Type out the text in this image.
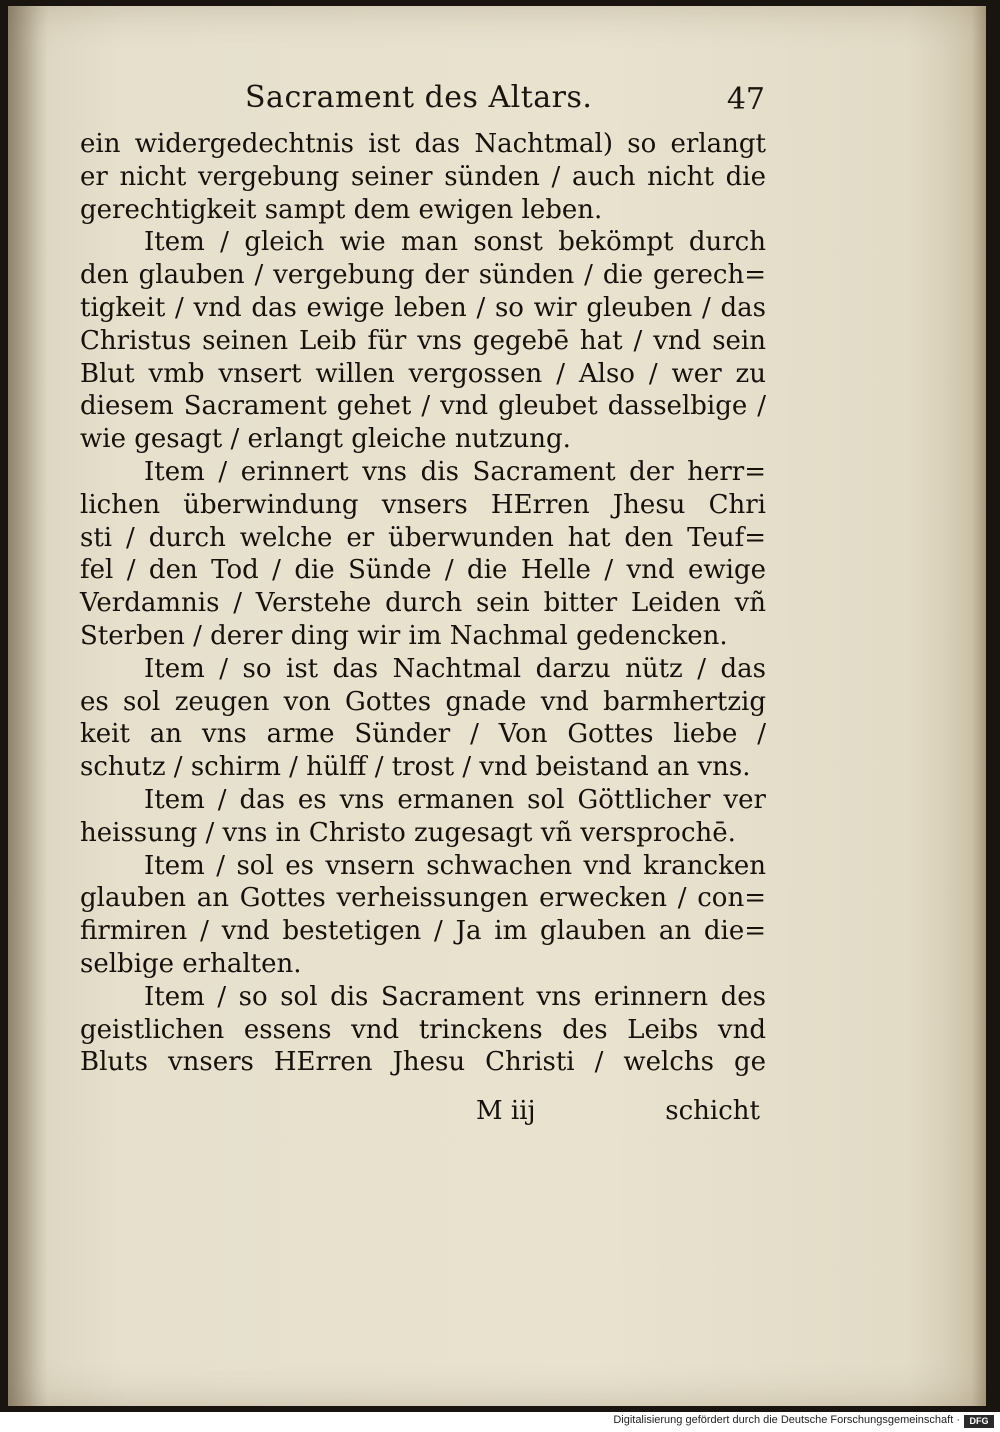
Sacrament des Altars.	47
ein widergedechtnis ist das Nachtmal) so erlangt
er nicht vergebung seiner sünden / auch nicht die
gerechtigkeit sampt dem ewigen leben.
Item / gleich wie man sonst bekömpt durch
den glauben / vergebung der sünden / die gerech=
tigkeit / vnd das ewige leben / so wir gleuben / das
Christus seinen Leib für vns gegebē hat / vnd sein
Blut vmb vnsert willen vergossen / Also / wer zu
diesem Sacrament gehet / vnd gleubet dasselbige /
wie gesagt / erlangt gleiche nutzung.
Item / erinnert vns dis Sacrament der herr=
lichen überwindung vnsers HErren Jhesu Chri
sti / durch welche er überwunden hat den Teuf=
fel / den Tod / die Sünde / die Helle / vnd ewige
Verdamnis / Verstehe durch sein bitter Leiden vñ
Sterben / derer ding wir im Nachmal gedencken.
Item / so ist das Nachtmal darzu nütz / das
es sol zeugen von Gottes gnade vnd barmhertzig
keit an vns arme Sünder / Von Gottes liebe /
schutz / schirm / hülff / trost / vnd beistand an vns.
Item / das es vns ermanen sol Göttlicher ver
heissung / vns in Christo zugesagt vñ versprochē.
Item / sol es vnsern schwachen vnd krancken
glauben an Gottes verheissungen erwecken / con=
firmiren / vnd bestetigen / Ja im glauben an die=
selbige erhalten.
Item / so sol dis Sacrament vns erinnern des
geistlichen essens vnd trinckens des Leibs vnd
Bluts vnsers HErren Jhesu Christi / welchs ge
M iij	schicht
Digitalisierung gefördert durch die Deutsche Forschungsgemeinschaft ·	DFG
